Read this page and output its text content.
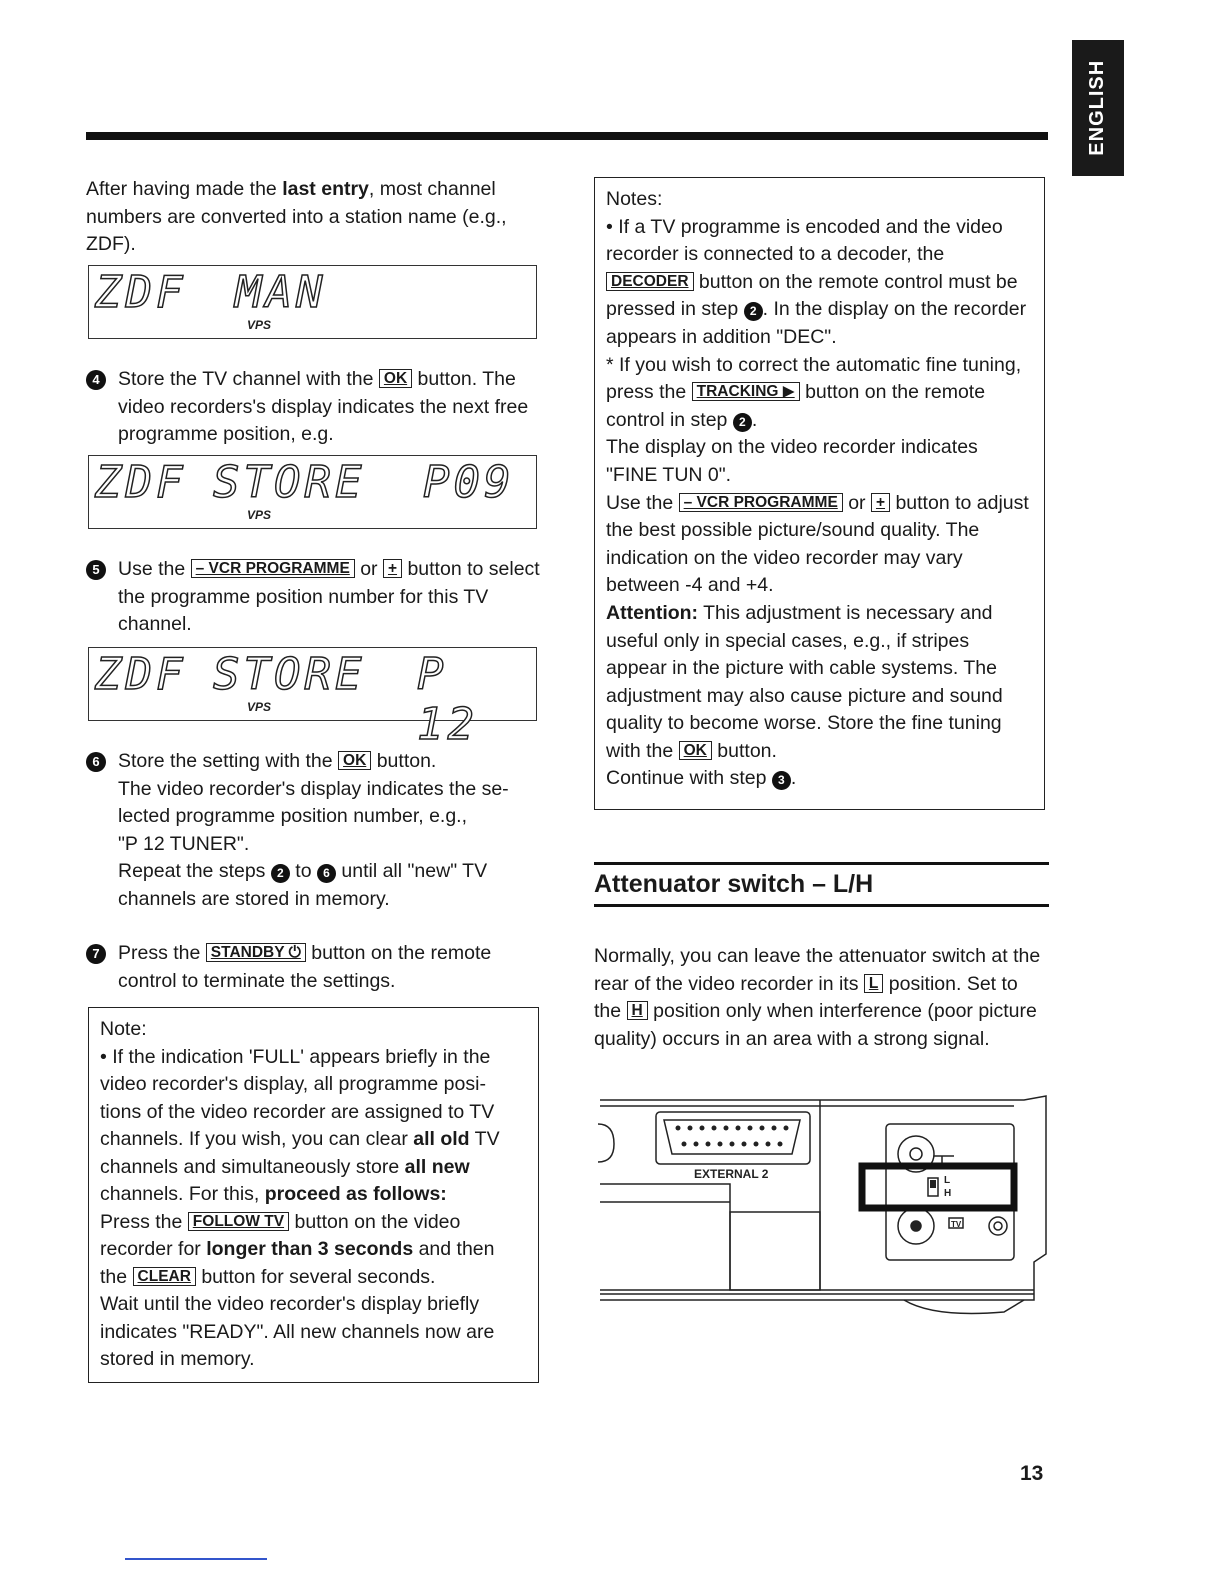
ENGLISH

After having made the last entry, most channel numbers are converted into a station name (e.g., ZDF).

ZDF MAN
VPS
4 Store the TV channel with the OK button. The video recorders's display indicates the next free programme position, e.g.

ZDF STORE P09
VPS
5 Use the – VCR PROGRAMME or + button to select the programme position number for this TV channel.

ZDF STORE P 12
VPS
6 Store the setting with the OK button.

The video recorder's display indicates the se-lected programme position number, e.g.,

"P 12 TUNER".

Repeat the steps 2 to 6 until all "new" TV channels are stored in memory.

7 Press the STANDBY ⏻ button on the remote control to terminate the settings.

Note:

• If the indication 'FULL' appears briefly in the video recorder's display, all programme posi-tions of the video recorder are assigned to TV channels. If you wish, you can clear all old TV channels and simultaneously store all new channels. For this, proceed as follows:

Press the FOLLOW TV button on the video recorder for longer than 3 seconds and then the CLEAR button for several seconds.

Wait until the video recorder's display briefly indicates "READY". All new channels now are stored in memory.

Notes:

• If a TV programme is encoded and the video recorder is connected to a decoder, the DECODER button on the remote control must be pressed in step 2 . In the display on the recorder appears in addition "DEC".

* If you wish to correct the automatic fine tuning, press the TRACKING ▶ button on the remote control in step 2 .

The display on the video recorder indicates "FINE TUN 0".

Use the – VCR PROGRAMME or + button to adjust the best possible picture/sound quality. The indication on the video recorder may vary between -4 and +4.

Attention: This adjustment is necessary and useful only in special cases, e.g., if stripes appear in the picture with cable systems. The adjustment may also cause picture and sound quality to become worse. Store the fine tuning with the OK button.

Continue with step 3 .

Attenuator switch – L/H

Normally, you can leave the attenuator switch at the rear of the video recorder in its L position. Set to the H position only when interference (poor picture quality) occurs in an area with a strong signal.

EXTERNAL 2	L
H
TV
13
